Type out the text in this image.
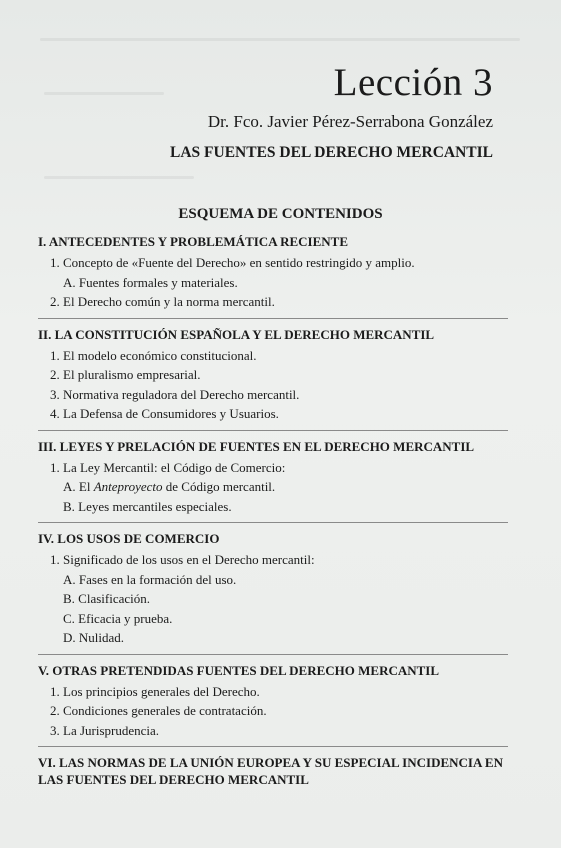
Lección 3
Dr. Fco. Javier Pérez-Serrabona González
LAS FUENTES DEL DERECHO MERCANTIL
ESQUEMA DE CONTENIDOS
I. ANTECEDENTES Y PROBLEMÁTICA RECIENTE
1. Concepto de «Fuente del Derecho» en sentido restringido y amplio.
A. Fuentes formales y materiales.
2. El Derecho común y la norma mercantil.
II. LA CONSTITUCIÓN ESPAÑOLA Y EL DERECHO MERCANTIL
1. El modelo económico constitucional.
2. El pluralismo empresarial.
3. Normativa reguladora del Derecho mercantil.
4. La Defensa de Consumidores y Usuarios.
III. LEYES Y PRELACIÓN DE FUENTES EN EL DERECHO MERCANTIL
1. La Ley Mercantil: el Código de Comercio:
A. El Anteproyecto de Código mercantil.
B. Leyes mercantiles especiales.
IV. LOS USOS DE COMERCIO
1. Significado de los usos en el Derecho mercantil:
A. Fases en la formación del uso.
B. Clasificación.
C. Eficacia y prueba.
D. Nulidad.
V. OTRAS PRETENDIDAS FUENTES DEL DERECHO MERCANTIL
1. Los principios generales del Derecho.
2. Condiciones generales de contratación.
3. La Jurisprudencia.
VI. LAS NORMAS DE LA UNIÓN EUROPEA Y SU ESPECIAL INCIDENCIA EN LAS FUENTES DEL DERECHO MERCANTIL
